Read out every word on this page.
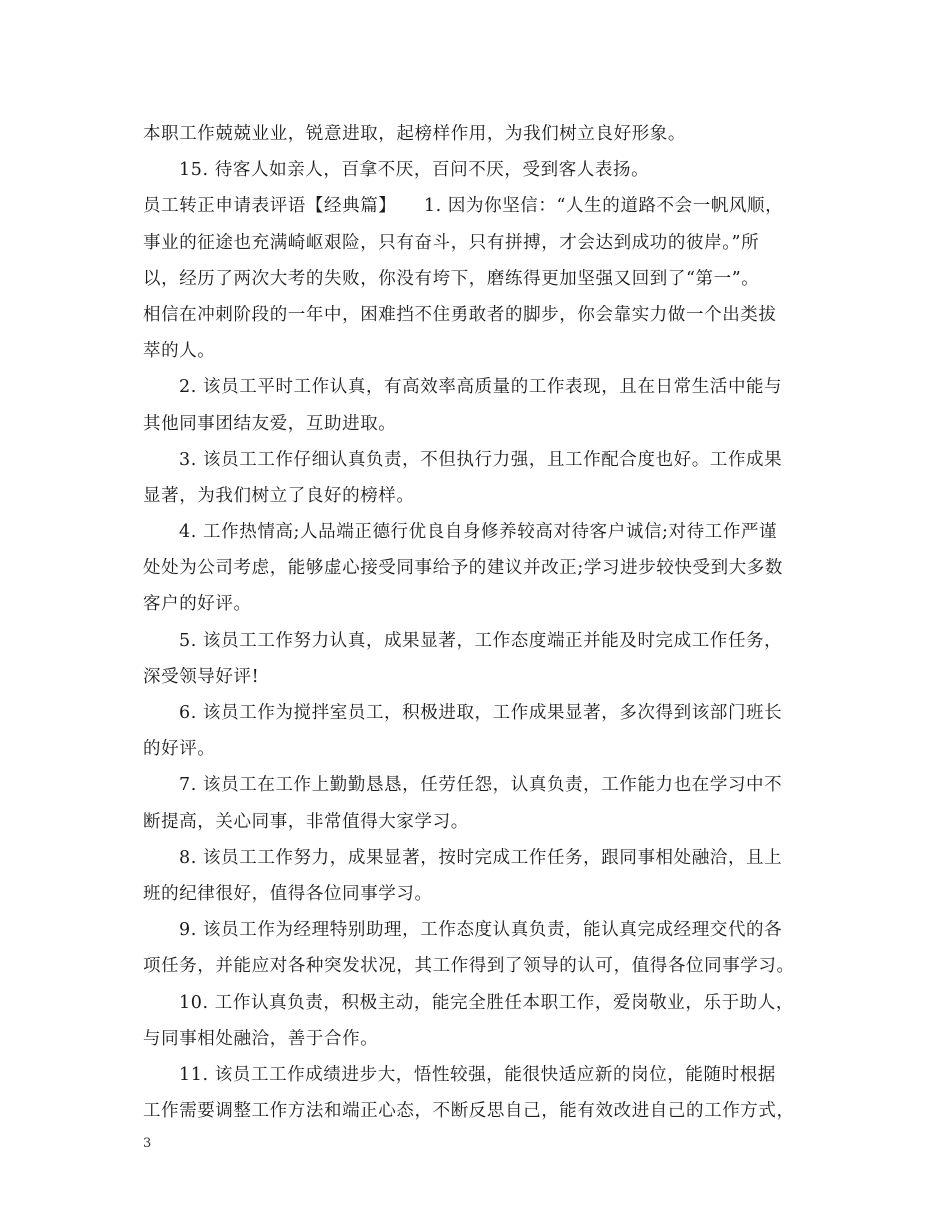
本职工作兢兢业业，锐意进取，起榜样作用，为我们树立良好形象。
15. 待客人如亲人，百拿不厌，百问不厌，受到客人表扬。
员工转正申请表评语【经典篇】　　1. 因为你坚信：“人生的道路不会一帆风顺，
事业的征途也充满崎岖艰险，只有奋斗，只有拼搏，才会达到成功的彼岸。”所
以，经历了两次大考的失败，你没有垮下，磨练得更加坚强又回到了“第一”。
相信在冲刺阶段的一年中，困难挡不住勇敢者的脚步，你会靠实力做一个出类拔
萃的人。
2. 该员工平时工作认真，有高效率高质量的工作表现，且在日常生活中能与
其他同事团结友爱，互助进取。
3. 该员工工作仔细认真负责，不但执行力强，且工作配合度也好。工作成果
显著，为我们树立了良好的榜样。
4. 工作热情高;人品端正德行优良自身修养较高对待客户诚信;对待工作严谨
处处为公司考虑，能够虚心接受同事给予的建议并改正;学习进步较快受到大多数
客户的好评。
5. 该员工工作努力认真，成果显著，工作态度端正并能及时完成工作任务，
深受领导好评!
6. 该员工作为搅拌室员工，积极进取，工作成果显著，多次得到该部门班长
的好评。
7. 该员工在工作上勤勤恳恳，任劳任怨，认真负责，工作能力也在学习中不
断提高，关心同事，非常值得大家学习。
8. 该员工工作努力，成果显著，按时完成工作任务，跟同事相处融洽，且上
班的纪律很好，值得各位同事学习。
9. 该员工作为经理特别助理，工作态度认真负责，能认真完成经理交代的各
项任务，并能应对各种突发状况，其工作得到了领导的认可，值得各位同事学习。
10. 工作认真负责，积极主动，能完全胜任本职工作，爱岗敬业，乐于助人，
与同事相处融洽，善于合作。
11. 该员工工作成绩进步大，悟性较强，能很快适应新的岗位，能随时根据
工作需要调整工作方法和端正心态，不断反思自己，能有效改进自己的工作方式，
3
